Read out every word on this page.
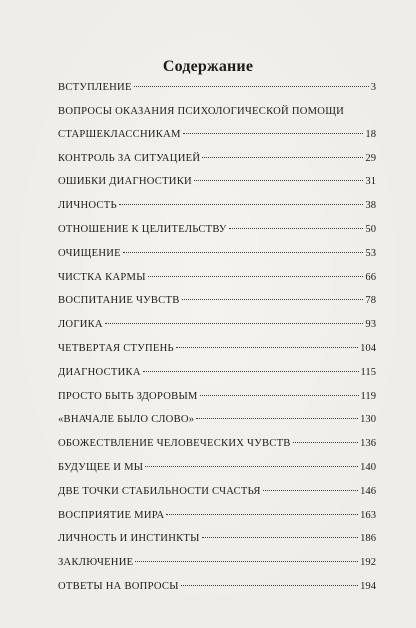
Содержание
ВСТУПЛЕНИЕ	3
ВОПРОСЫ ОКАЗАНИЯ ПСИХОЛОГИЧЕСКОЙ ПОМОЩИ
СТАРШЕКЛАССНИКАМ	18
КОНТРОЛЬ ЗА СИТУАЦИЕЙ	29
ОШИБКИ ДИАГНОСТИКИ	31
ЛИЧНОСТЬ	38
ОТНОШЕНИЕ К ЦЕЛИТЕЛЬСТВУ	50
ОЧИЩЕНИЕ	53
ЧИСТКА КАРМЫ	66
ВОСПИТАНИЕ ЧУВСТВ	78
ЛОГИКА	93
ЧЕТВЕРТАЯ СТУПЕНЬ	104
ДИАГНОСТИКА	115
ПРОСТО БЫТЬ ЗДОРОВЫМ	119
«ВНАЧАЛЕ БЫЛО СЛОВО»	130
ОБОЖЕСТВЛЕНИЕ ЧЕЛОВЕЧЕСКИХ ЧУВСТВ	136
БУДУЩЕЕ И МЫ	140
ДВЕ ТОЧКИ СТАБИЛЬНОСТИ СЧАСТЬЯ	146
ВОСПРИЯТИЕ МИРА	163
ЛИЧНОСТЬ И ИНСТИНКТЫ	186
ЗАКЛЮЧЕНИЕ	192
ОТВЕТЫ НА ВОПРОСЫ	194
